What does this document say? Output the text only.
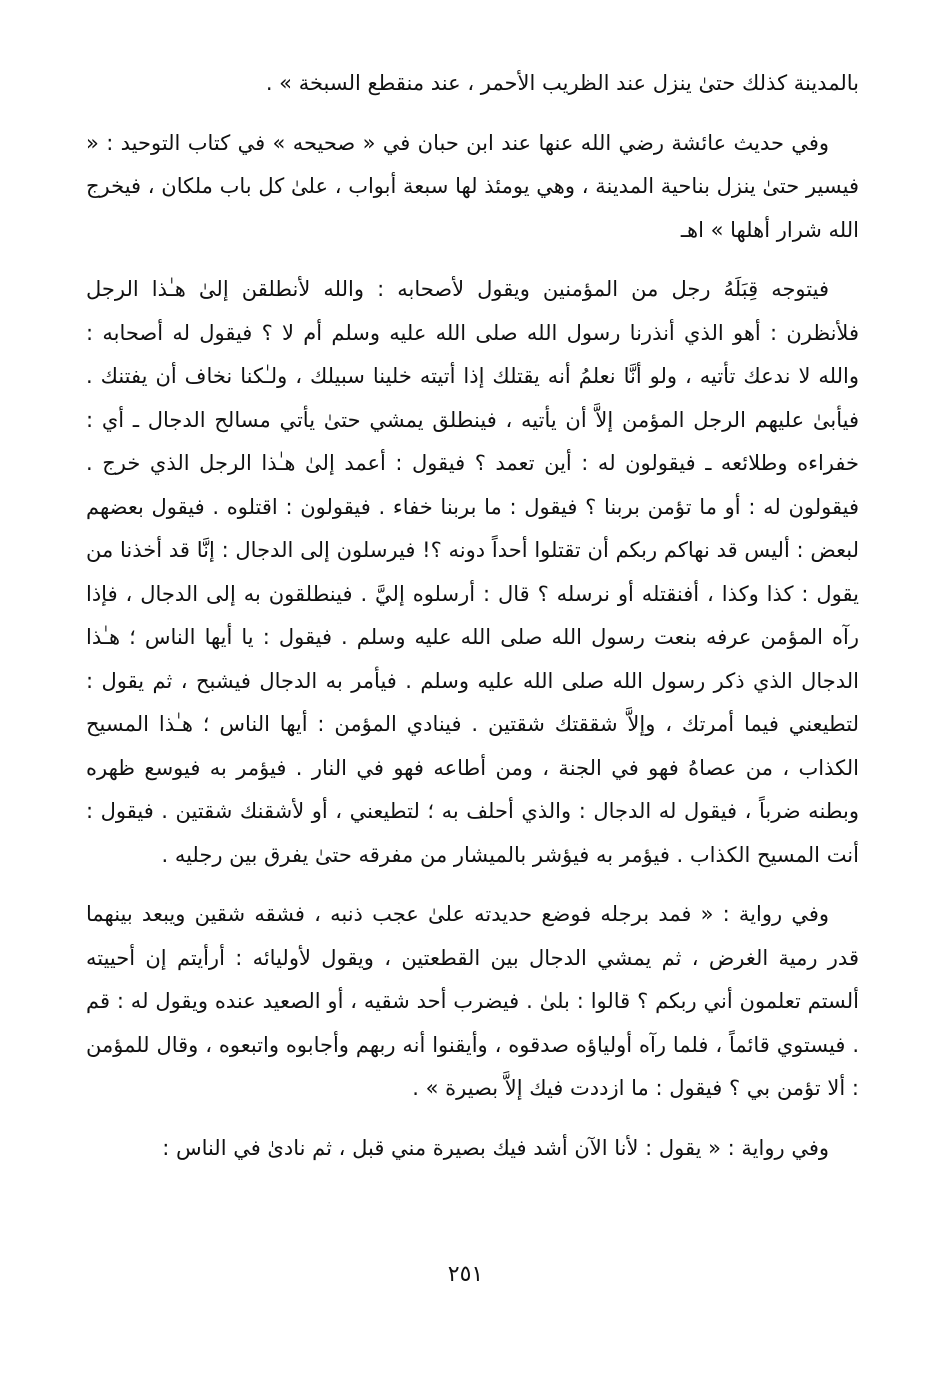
بالمدينة كذلك حتىٰ ينزل عند الظريب الأحمر ، عند منقطع السبخة » .

وفي حديث عائشة رضي الله عنها عند ابن حبان في « صحيحه » في كتاب التوحيد : « فيسير حتىٰ ينزل بناحية المدينة ، وهي يومئذ لها سبعة أبواب ، علىٰ كل باب ملكان ، فيخرج الله شرار أهلها » اهـ

فيتوجه قِبَلَهُ رجل من المؤمنين ويقول لأصحابه : والله لأنطلقن إلىٰ هـٰذا الرجل فلأنظرن : أهو الذي أنذرنا رسول الله صلى الله عليه وسلم أم لا ؟ فيقول له أصحابه : والله لا ندعك تأتيه ، ولو أنَّا نعلمُ أنه يقتلك إذا أتيته خلينا سبيلك ، ولـٰكنا نخاف أن يفتنك . فيأبىٰ عليهم الرجل المؤمن إلاَّ أن يأتيه ، فينطلق يمشي حتىٰ يأتي مسالح الدجال ـ أي : خفراءه وطلائعه ـ فيقولون له : أين تعمد ؟ فيقول : أعمد إلىٰ هـٰذا الرجل الذي خرج . فيقولون له : أو ما تؤمن بربنا ؟ فيقول : ما بربنا خفاء . فيقولون : اقتلوه . فيقول بعضهم لبعض : أليس قد نهاكم ربكم أن تقتلوا أحداً دونه ؟! فيرسلون إلى الدجال : إنَّا قد أخذنا من يقول : كذا وكذا ، أفنقتله أو نرسله ؟ قال : أرسلوه إليَّ . فينطلقون به إلى الدجال ، فإذا رآه المؤمن عرفه بنعت رسول الله صلى الله عليه وسلم . فيقول : يا أيها الناس ؛ هـٰذا الدجال الذي ذكر رسول الله صلى الله عليه وسلم . فيأمر به الدجال فيشبح ، ثم يقول : لتطيعني فيما أمرتك ، وإلاَّ شققتك شقتين . فينادي المؤمن : أيها الناس ؛ هـٰذا المسيح الكذاب ، من عصاهُ فهو في الجنة ، ومن أطاعه فهو في النار . فيؤمر به فيوسع ظهره وبطنه ضرباً ، فيقول له الدجال : والذي أحلف به ؛ لتطيعني ، أو لأشقنك شقتين . فيقول : أنت المسيح الكذاب . فيؤمر به فيؤشر بالميشار من مفرقه حتىٰ يفرق بين رجليه .

وفي رواية : « فمد برجله فوضع حديدته علىٰ عجب ذنبه ، فشقه شقين ويبعد بينهما قدر رمية الغرض ، ثم يمشي الدجال بين القطعتين ، ويقول لأوليائه : أرأيتم إن أحييته ألستم تعلمون أني ربكم ؟ قالوا : بلىٰ . فيضرب أحد شقيه ، أو الصعيد عنده ويقول له : قم . فيستوي قائماً ، فلما رآه أولياؤه صدقوه ، وأيقنوا أنه ربهم وأجابوه واتبعوه ، وقال للمؤمن : ألا تؤمن بي ؟ فيقول : ما ازددت فيك إلاَّ بصيرة » .

وفي رواية : « يقول : لأنا الآن أشد فيك بصيرة مني قبل ، ثم نادىٰ في الناس :

٢٥١
